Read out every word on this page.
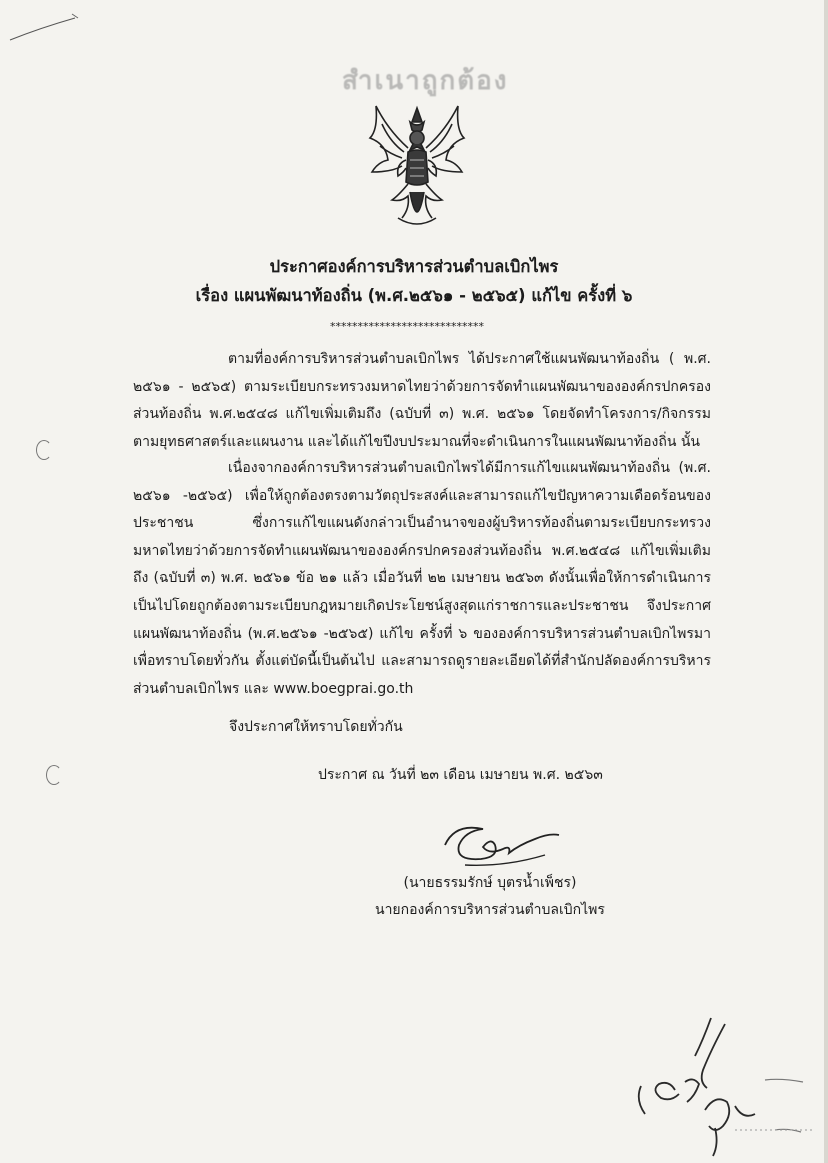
สำเนาถูกต้อง
ประกาศองค์การบริหารส่วนตำบลเบิกไพร
เรื่อง แผนพัฒนาท้องถิ่น (พ.ศ.๒๕๖๑ - ๒๕๖๕) แก้ไข ครั้งที่ ๖
****************************

ตามที่องค์การบริหารส่วนตำบลเบิกไพร ได้ประกาศใช้แผนพัฒนาท้องถิ่น ( พ.ศ. ๒๕๖๑ - ๒๕๖๕) ตามระเบียบกระทรวงมหาดไทยว่าด้วยการจัดทำแผนพัฒนาขององค์กรปกครองส่วนท้องถิ่น พ.ศ.๒๕๔๘ แก้ไขเพิ่มเติมถึง (ฉบับที่ ๓) พ.ศ. ๒๕๖๑ โดยจัดทำโครงการ/กิจกรรม ตามยุทธศาสตร์และแผนงาน และได้แก้ไขปีงบประมาณที่จะดำเนินการในแผนพัฒนาท้องถิ่น นั้น

เนื่องจากองค์การบริหารส่วนตำบลเบิกไพรได้มีการแก้ไขแผนพัฒนาท้องถิ่น (พ.ศ. ๒๕๖๑ -๒๕๖๕) เพื่อให้ถูกต้องตรงตามวัตถุประสงค์และสามารถแก้ไขปัญหาความเดือดร้อนของประชาชน ซึ่งการแก้ไขแผนดังกล่าวเป็นอำนาจของผู้บริหารท้องถิ่นตามระเบียบกระทรวงมหาดไทยว่าด้วยการจัดทำแผนพัฒนาขององค์กรปกครองส่วนท้องถิ่น พ.ศ.๒๕๔๘ แก้ไขเพิ่มเติมถึง (ฉบับที่ ๓) พ.ศ. ๒๕๖๑ ข้อ ๒๑ แล้ว เมื่อวันที่ ๒๒ เมษายน ๒๕๖๓ ดังนั้นเพื่อให้การดำเนินการเป็นไปโดยถูกต้องตามระเบียบกฎหมายเกิดประโยชน์สูงสุดแก่ราชการและประชาชน จึงประกาศแผนพัฒนาท้องถิ่น (พ.ศ.๒๕๖๑ -๒๕๖๕) แก้ไข ครั้งที่ ๖ ขององค์การบริหารส่วนตำบลเบิกไพรมาเพื่อทราบโดยทั่วกัน ตั้งแต่บัดนี้เป็นต้นไป และสามารถดูรายละเอียดได้ที่สำนักปลัดองค์การบริหารส่วนตำบลเบิกไพร และ www.boegprai.go.th

จึงประกาศให้ทราบโดยทั่วกัน
ประกาศ ณ วันที่ ๒๓ เดือน เมษายน พ.ศ. ๒๕๖๓
(นายธรรมรักษ์ บุตรน้ำเพ็ชร)
นายกองค์การบริหารส่วนตำบลเบิกไพร
